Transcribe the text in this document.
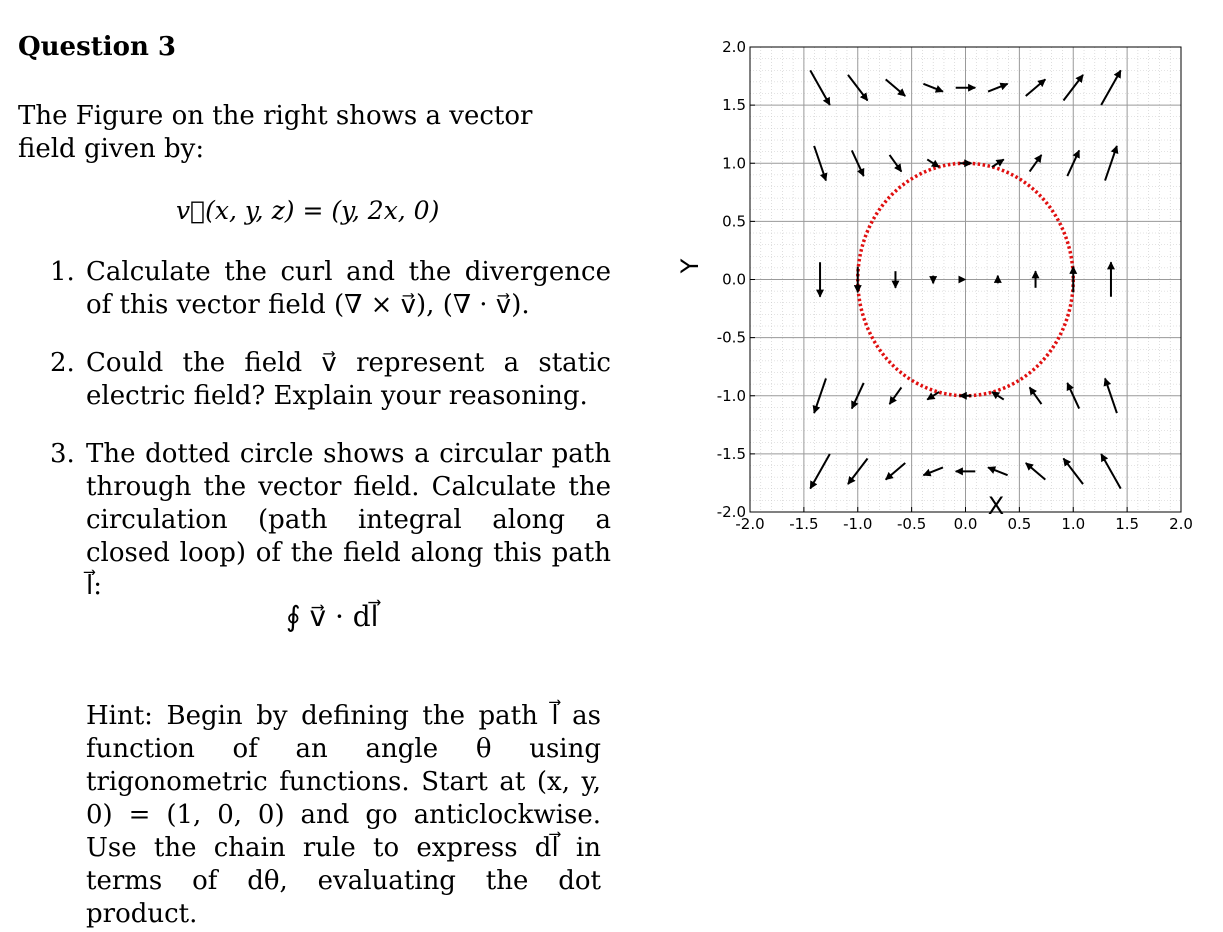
Question 3
The Figure on the right shows a vector field given by:
v⃗(x, y, z) = (y, 2x, 0)
1. Calculate the curl and the divergence of this vector field (∇ × v⃗), (∇ · v⃗).
2. Could the field v⃗ represent a static electric field? Explain your reasoning.
3. The dotted circle shows a circular path through the vector field. Calculate the circulation (path integral along a closed loop) of the field along this path l⃗:
∮ v⃗ · dl⃗
Hint: Begin by defining the path l⃗ as function of an angle θ using trigonometric functions. Start at (x, y, 0) = (1, 0, 0) and go anticlockwise. Use the chain rule to express dl⃗ in terms of dθ, evaluating the dot product.
-2.0 -1.5 -1.0 -0.5 0.0 0.5 1.0 1.5 2.0
2.0
1.5
1.0
0.5
0.0
-0.5
-1.0
-1.5
-2.0
Y
X
